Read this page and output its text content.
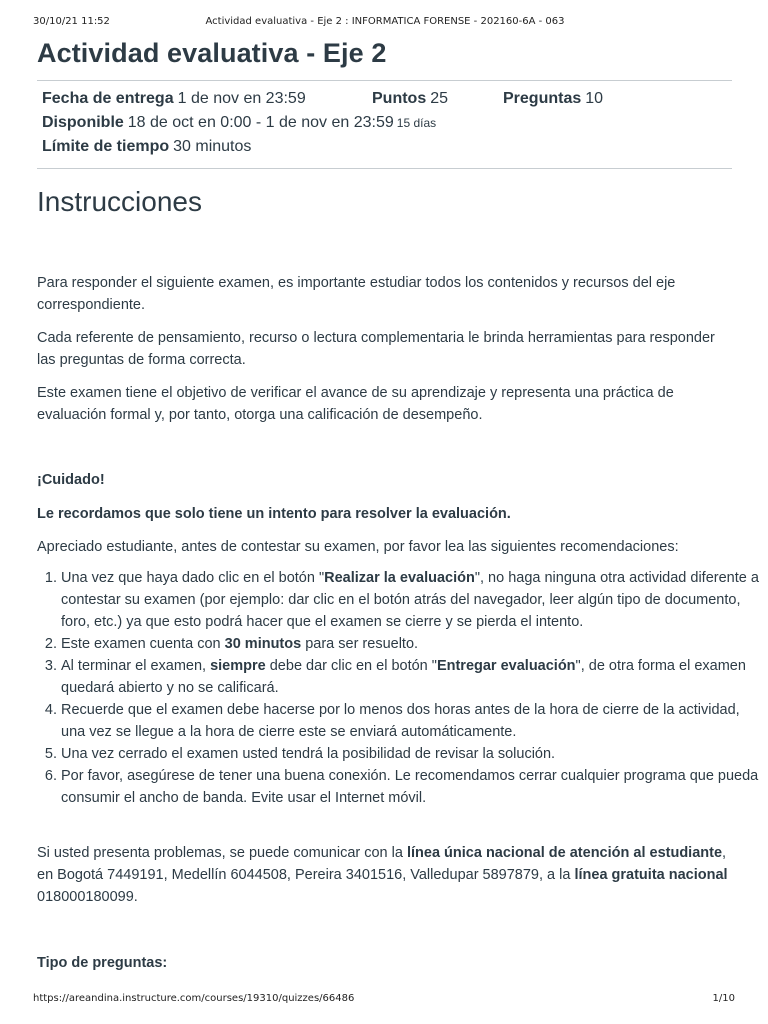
30/10/21 11:52	Actividad evaluativa - Eje 2 : INFORMATICA FORENSE - 202160-6A - 063
Actividad evaluativa - Eje 2
Fecha de entrega 1 de nov en 23:59	Puntos 25	Preguntas 10
Disponible 18 de oct en 0:00 - 1 de nov en 23:59 15 días
Límite de tiempo 30 minutos
Instrucciones

Para responder el siguiente examen, es importante estudiar todos los contenidos y recursos del eje correspondiente.

Cada referente de pensamiento, recurso o lectura complementaria le brinda herramientas para responder las preguntas de forma correcta.

Este examen tiene el objetivo de verificar el avance de su aprendizaje y representa una práctica de evaluación formal y, por tanto, otorga una calificación de desempeño.

¡Cuidado!

Le recordamos que solo tiene un intento para resolver la evaluación.

Apreciado estudiante, antes de contestar su examen, por favor lea las siguientes recomendaciones:

1. Una vez que haya dado clic en el botón "Realizar la evaluación", no haga ninguna otra actividad diferente a contestar su examen (por ejemplo: dar clic en el botón atrás del navegador, leer algún tipo de documento, foro, etc.) ya que esto podrá hacer que el examen se cierre y se pierda el intento.
2. Este examen cuenta con 30 minutos para ser resuelto.
3. Al terminar el examen, siempre debe dar clic en el botón "Entregar evaluación", de otra forma el examen quedará abierto y no se calificará.
4. Recuerde que el examen debe hacerse por lo menos dos horas antes de la hora de cierre de la actividad, una vez se llegue a la hora de cierre este se enviará automáticamente.
5. Una vez cerrado el examen usted tendrá la posibilidad de revisar la solución.
6. Por favor, asegúrese de tener una buena conexión. Le recomendamos cerrar cualquier programa que pueda consumir el ancho de banda. Evite usar el Internet móvil.

Si usted presenta problemas, se puede comunicar con la línea única nacional de atención al estudiante, en Bogotá 7449191, Medellín 6044508, Pereira 3401516, Valledupar 5897879, a la línea gratuita nacional 018000180099.

Tipo de preguntas:

https://areandina.instructure.com/courses/19310/quizzes/66486	1/10
